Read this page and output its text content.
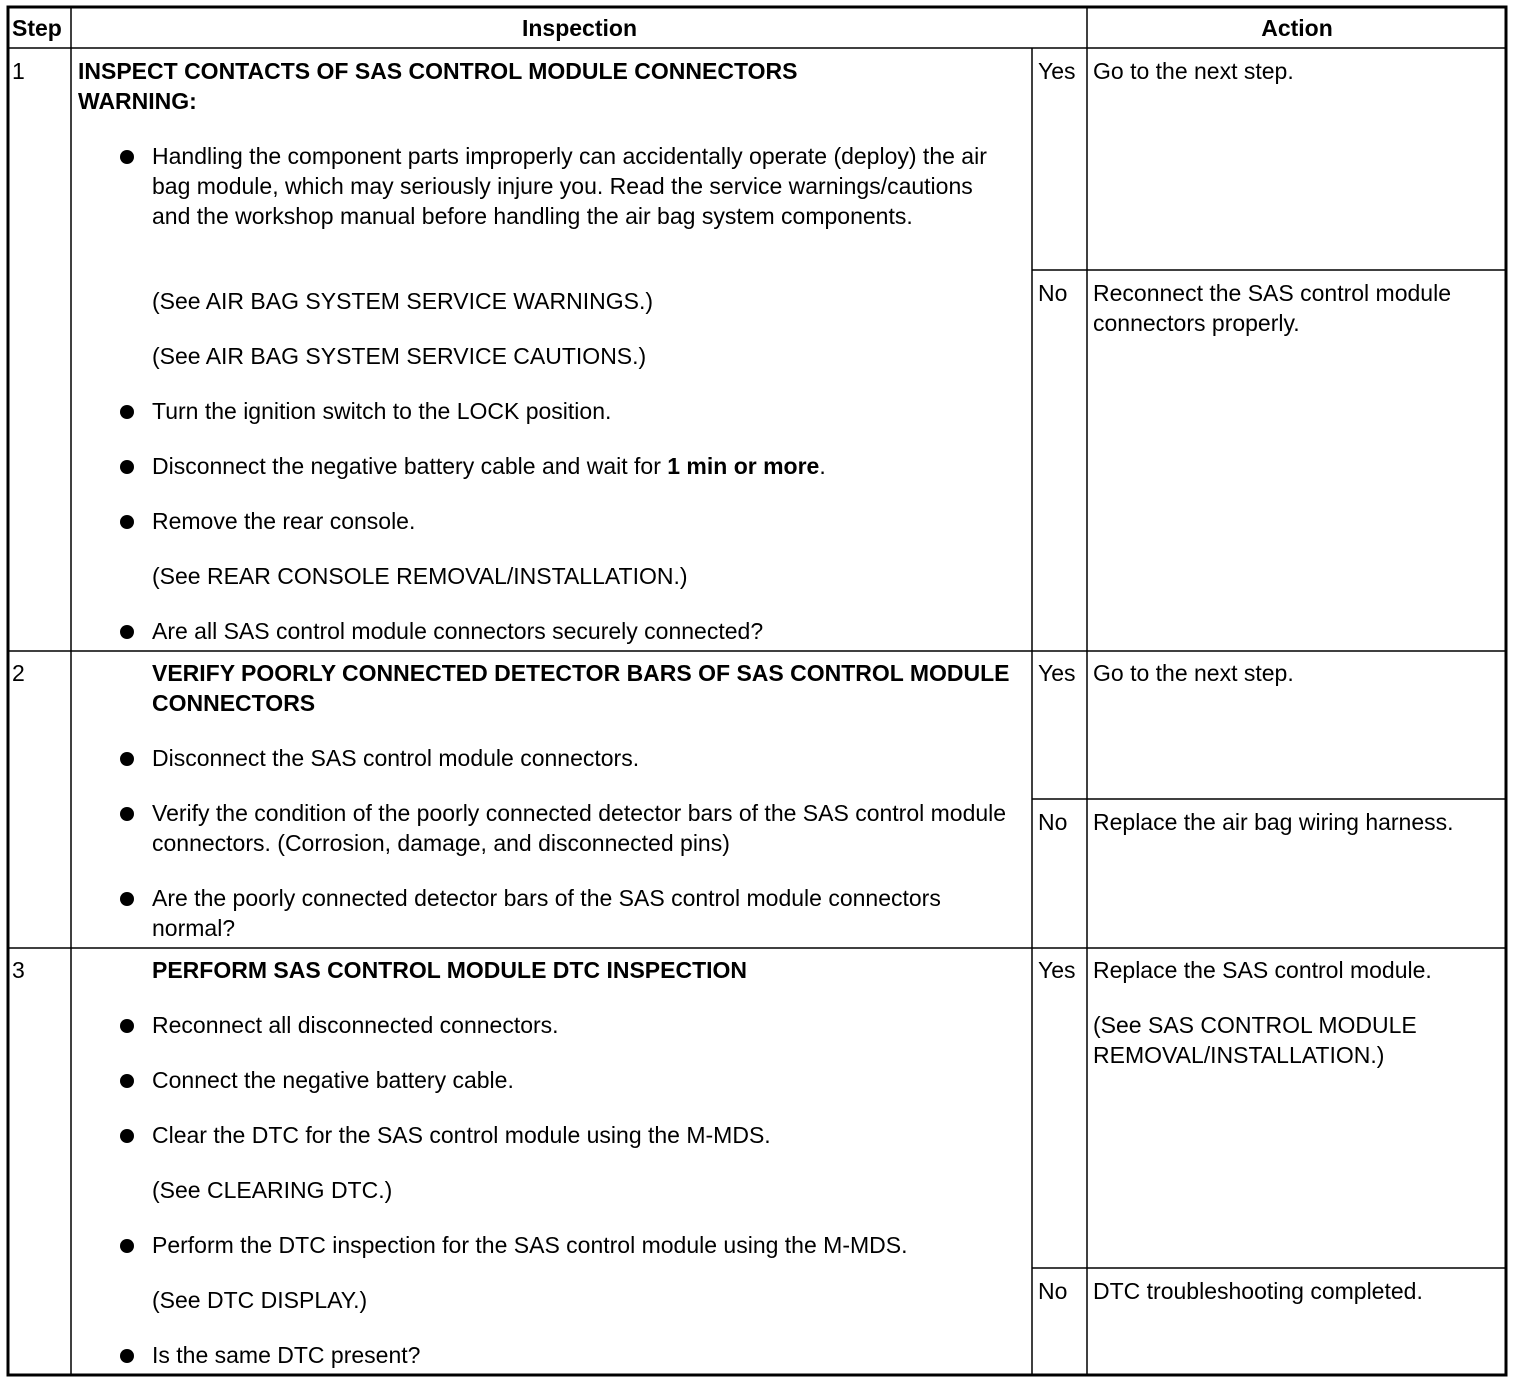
Step	Inspection	Action
1 INSPECT CONTACTS OF SAS CONTROL MODULE CONNECTORS
WARNING:
Handling the component parts improperly can accidentally operate (deploy) the air bag module, which may seriously injure you. Read the service warnings/cautions and the workshop manual before handling the air bag system components.
(See AIR BAG SYSTEM SERVICE WARNINGS.)
(See AIR BAG SYSTEM SERVICE CAUTIONS.)
Turn the ignition switch to the LOCK position.
Disconnect the negative battery cable and wait for 1 min or more.
Remove the rear console.
(See REAR CONSOLE REMOVAL/INSTALLATION.)
Are all SAS control module connectors securely connected?
Yes Go to the next step.
No Reconnect the SAS control module connectors properly.
2	VERIFY POORLY CONNECTED DETECTOR BARS OF SAS CONTROL MODULE CONNECTORS
Disconnect the SAS control module connectors.
Verify the condition of the poorly connected detector bars of the SAS control module connectors. (Corrosion, damage, and disconnected pins)
Are the poorly connected detector bars of the SAS control module connectors normal?
Yes Go to the next step.
No Replace the air bag wiring harness.
3	PERFORM SAS CONTROL MODULE DTC INSPECTION
Reconnect all disconnected connectors.
Connect the negative battery cable.
Clear the DTC for the SAS control module using the M-MDS.
(See CLEARING DTC.)
Perform the DTC inspection for the SAS control module using the M-MDS.
(See DTC DISPLAY.)
Is the same DTC present?
Yes Replace the SAS control module.
(See SAS CONTROL MODULE REMOVAL/INSTALLATION.)
No DTC troubleshooting completed.
